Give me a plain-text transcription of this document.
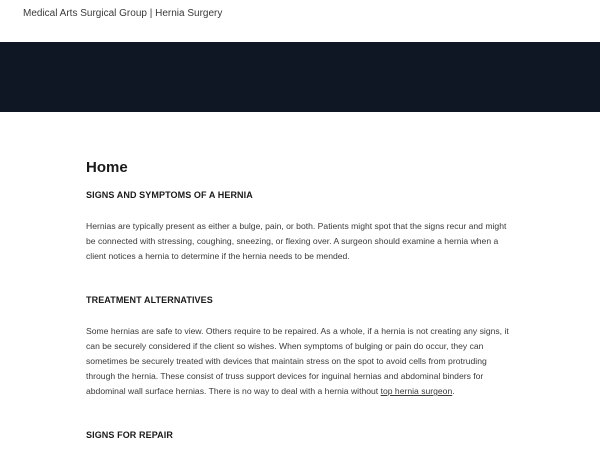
Medical Arts Surgical Group | Hernia Surgery
Home
SIGNS AND SYMPTOMS OF A HERNIA

Hernias are typically present as either a bulge, pain, or both. Patients might spot that the signs recur and might be connected with stressing, coughing, sneezing, or flexing over. A surgeon should examine a hernia when a client notices a hernia to determine if the hernia needs to be mended.

TREATMENT ALTERNATIVES

Some hernias are safe to view. Others require to be repaired. As a whole, if a hernia is not creating any signs, it can be securely considered if the client so wishes. When symptoms of bulging or pain do occur, they can sometimes be securely treated with devices that maintain stress on the spot to avoid cells from protruding through the hernia. These consist of truss support devices for inguinal hernias and abdominal binders for abdominal wall surface hernias. There is no way to deal with a hernia without top hernia surgeon.

SIGNS FOR REPAIR
